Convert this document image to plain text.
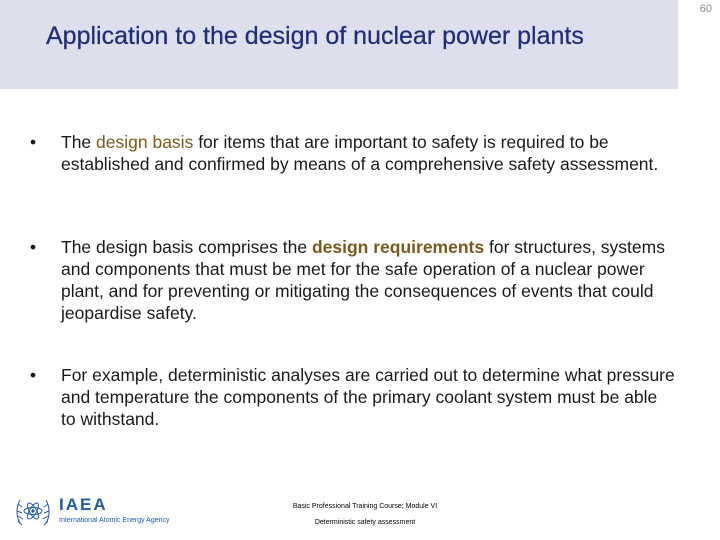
Application to the design of nuclear power plants
60
•	The design basis for items that are important to safety is required to be established and confirmed by means of a comprehensive safety assessment.
•	The design basis comprises the design requirements for structures, systems and components that must be met for the safe operation of a nuclear power plant, and for preventing or mitigating the consequences of events that could jeopardise safety.
•	For example, deterministic analyses are carried out to determine what pressure and temperature the components of the primary coolant system must be able to withstand.
IAEA
International Atomic Energy Agency
Basic Professional Training Course; Module VI
Deterministic safety assessment
